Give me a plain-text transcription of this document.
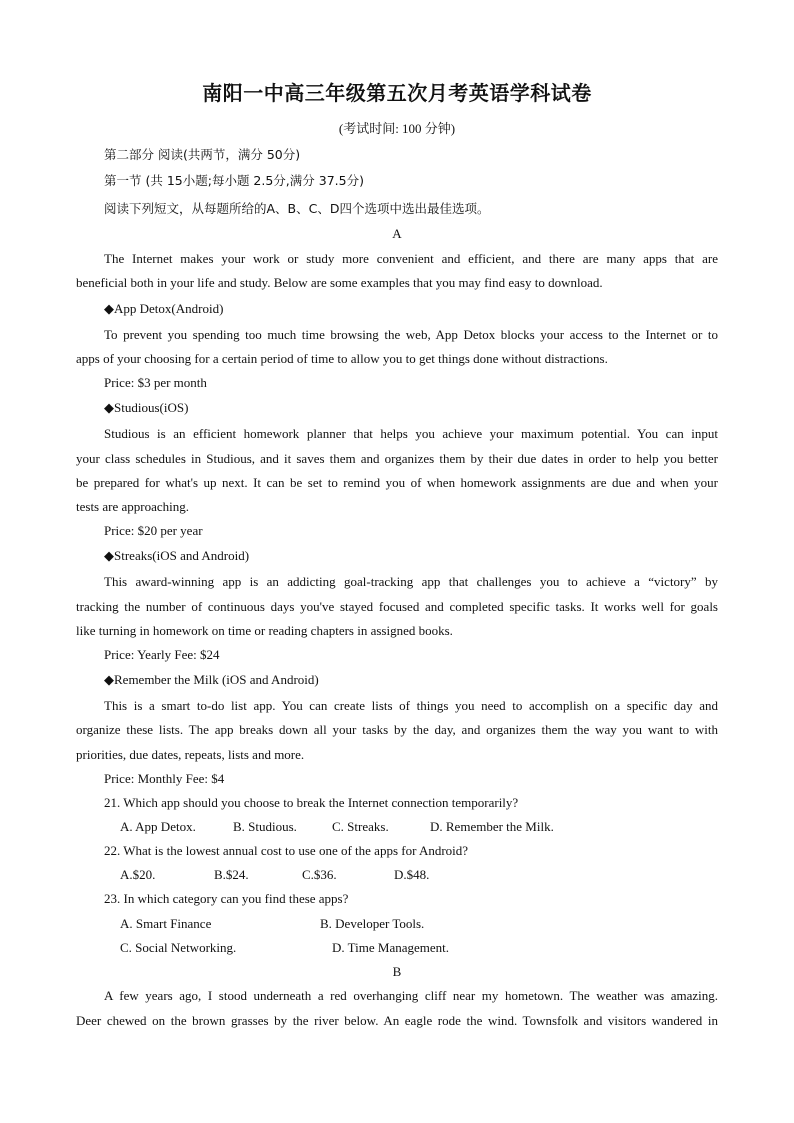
南阳一中高三年级第五次月考英语学科试卷
(考试时间: 100 分钟)
第二部分 阅读(共两节，满分 50分)
第一节 (共 15小题;每小题 2.5分,满分 37.5分)
阅读下列短文，从每题所给的A、B、C、D四个选项中选出最佳选项。
A
The Internet makes your work or study more convenient and efficient, and there are many apps that are
beneficial both in your life and study. Below are some examples that you may find easy to download.
◆App Detox(Android)
To prevent you spending too much time browsing the web, App Detox blocks your access to the Internet or to
apps of your choosing for a certain period of time to allow you to get things done without distractions.
Price: $3 per month
◆Studious(iOS)
Studious is an efficient homework planner that helps you achieve your maximum potential. You can input
your class schedules in Studious, and it saves them and organizes them by their due dates in order to help you better
be prepared for what's up next. It can be set to remind you of when homework assignments are due and when your
tests are approaching.
Price: $20 per year
◆Streaks(iOS and Android)
This award-winning app is an addicting goal-tracking app that challenges you to achieve a “victory” by
tracking the number of continuous days you've stayed focused and completed specific tasks. It works well for goals
like turning in homework on time or reading chapters in assigned books.
Price: Yearly Fee: $24
◆Remember the Milk (iOS and Android)
This is a smart to-do list app. You can create lists of things you need to accomplish on a specific day and
organize these lists. The app breaks down all your tasks by the day, and organizes them the way you want to with
priorities, due dates, repeats, lists and more.
Price: Monthly Fee: $4
21. Which app should you choose to break the Internet connection temporarily?
A. App Detox.	B. Studious.	C. Streaks.	D. Remember the Milk.
22. What is the lowest annual cost to use one of the apps for Android?
A.$20.	B.$24.	C.$36.	D.$48.
23. In which category can you find these apps?
A. Smart Finance	B. Developer Tools.
C. Social Networking.	D. Time Management.
B
A few years ago, I stood underneath a red overhanging cliff near my hometown. The weather was amazing.
Deer chewed on the brown grasses by the river below. An eagle rode the wind. Townsfolk and visitors wandered in
